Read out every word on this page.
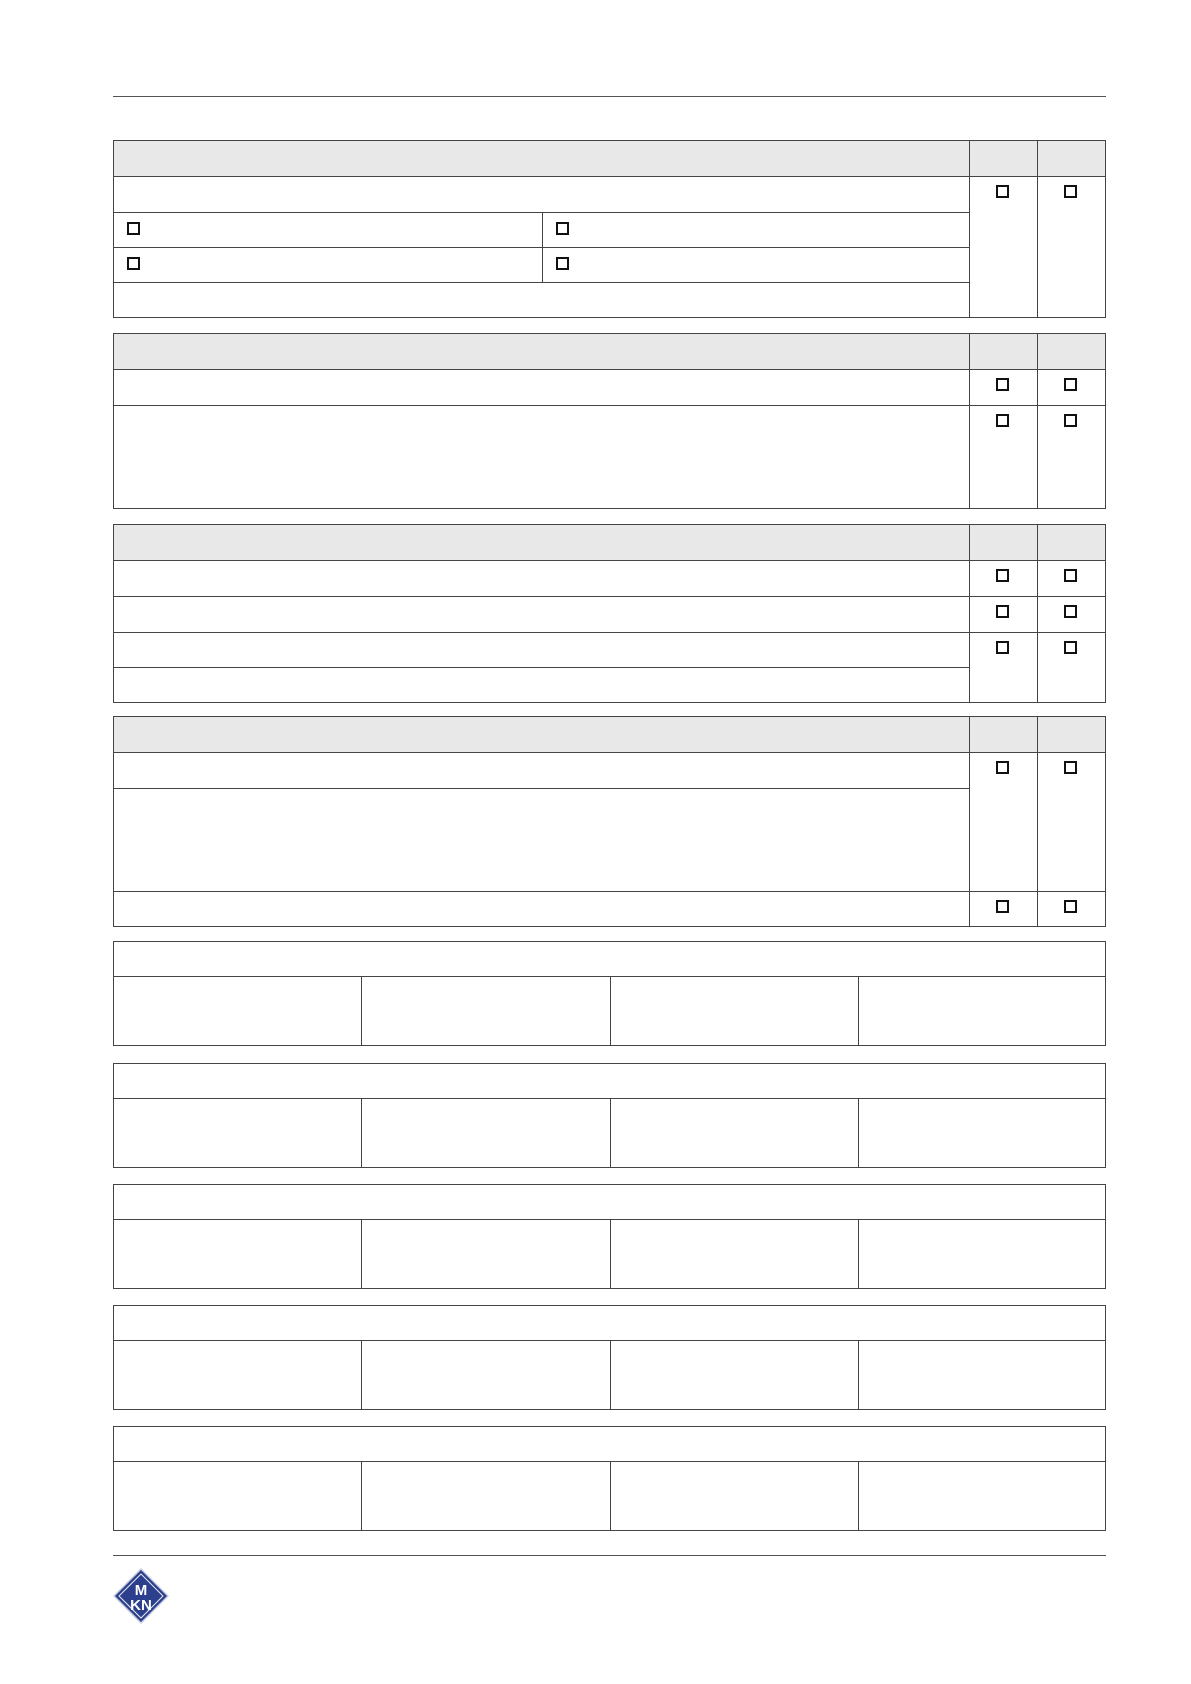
M
KN
